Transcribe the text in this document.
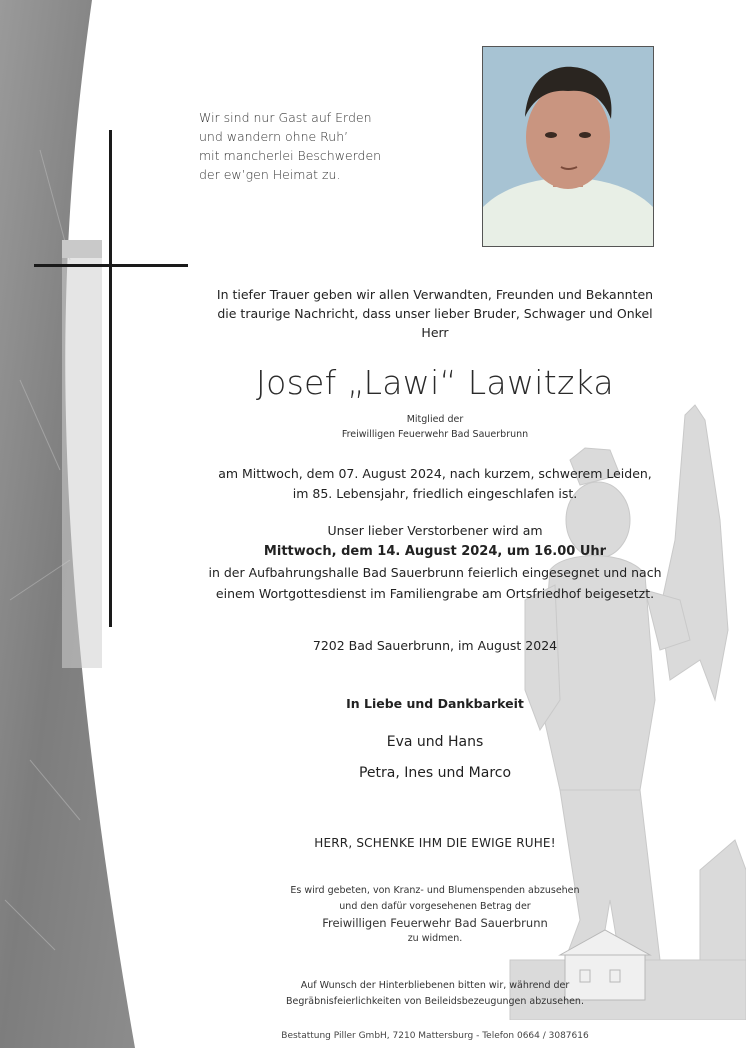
Wir sind nur Gast auf Erden
und wandern ohne Ruh’
mit mancherlei Beschwerden
der ew’gen Heimat zu.
In tiefer Trauer geben wir allen Verwandten, Freunden und Bekannten
die traurige Nachricht, dass unser lieber Bruder, Schwager und Onkel
Herr
Josef „Lawi“ Lawitzka
Mitglied der
Freiwilligen Feuerwehr Bad Sauerbrunn
am Mittwoch, dem 07. August 2024, nach kurzem, schwerem Leiden,
im 85. Lebensjahr, friedlich eingeschlafen ist.
Unser lieber Verstorbener wird am
Mittwoch, dem 14. August 2024, um 16.00 Uhr
in der Aufbahrungshalle Bad Sauerbrunn feierlich eingesegnet und nach
einem Wortgottesdienst im Familiengrabe am Ortsfriedhof beigesetzt.
7202 Bad Sauerbrunn, im August 2024
In Liebe und Dankbarkeit
Eva und Hans
Petra, Ines und Marco
HERR, SCHENKE IHM DIE EWIGE RUHE!
Es wird gebeten, von Kranz- und Blumenspenden abzusehen
und den dafür vorgesehenen Betrag der
Freiwilligen Feuerwehr Bad Sauerbrunn
zu widmen.
Auf Wunsch der Hinterbliebenen bitten wir, während der
Begräbnisfeierlichkeiten von Beileidsbezeugungen abzusehen.
Bestattung Piller GmbH, 7210 Mattersburg - Telefon 0664 / 3087616
